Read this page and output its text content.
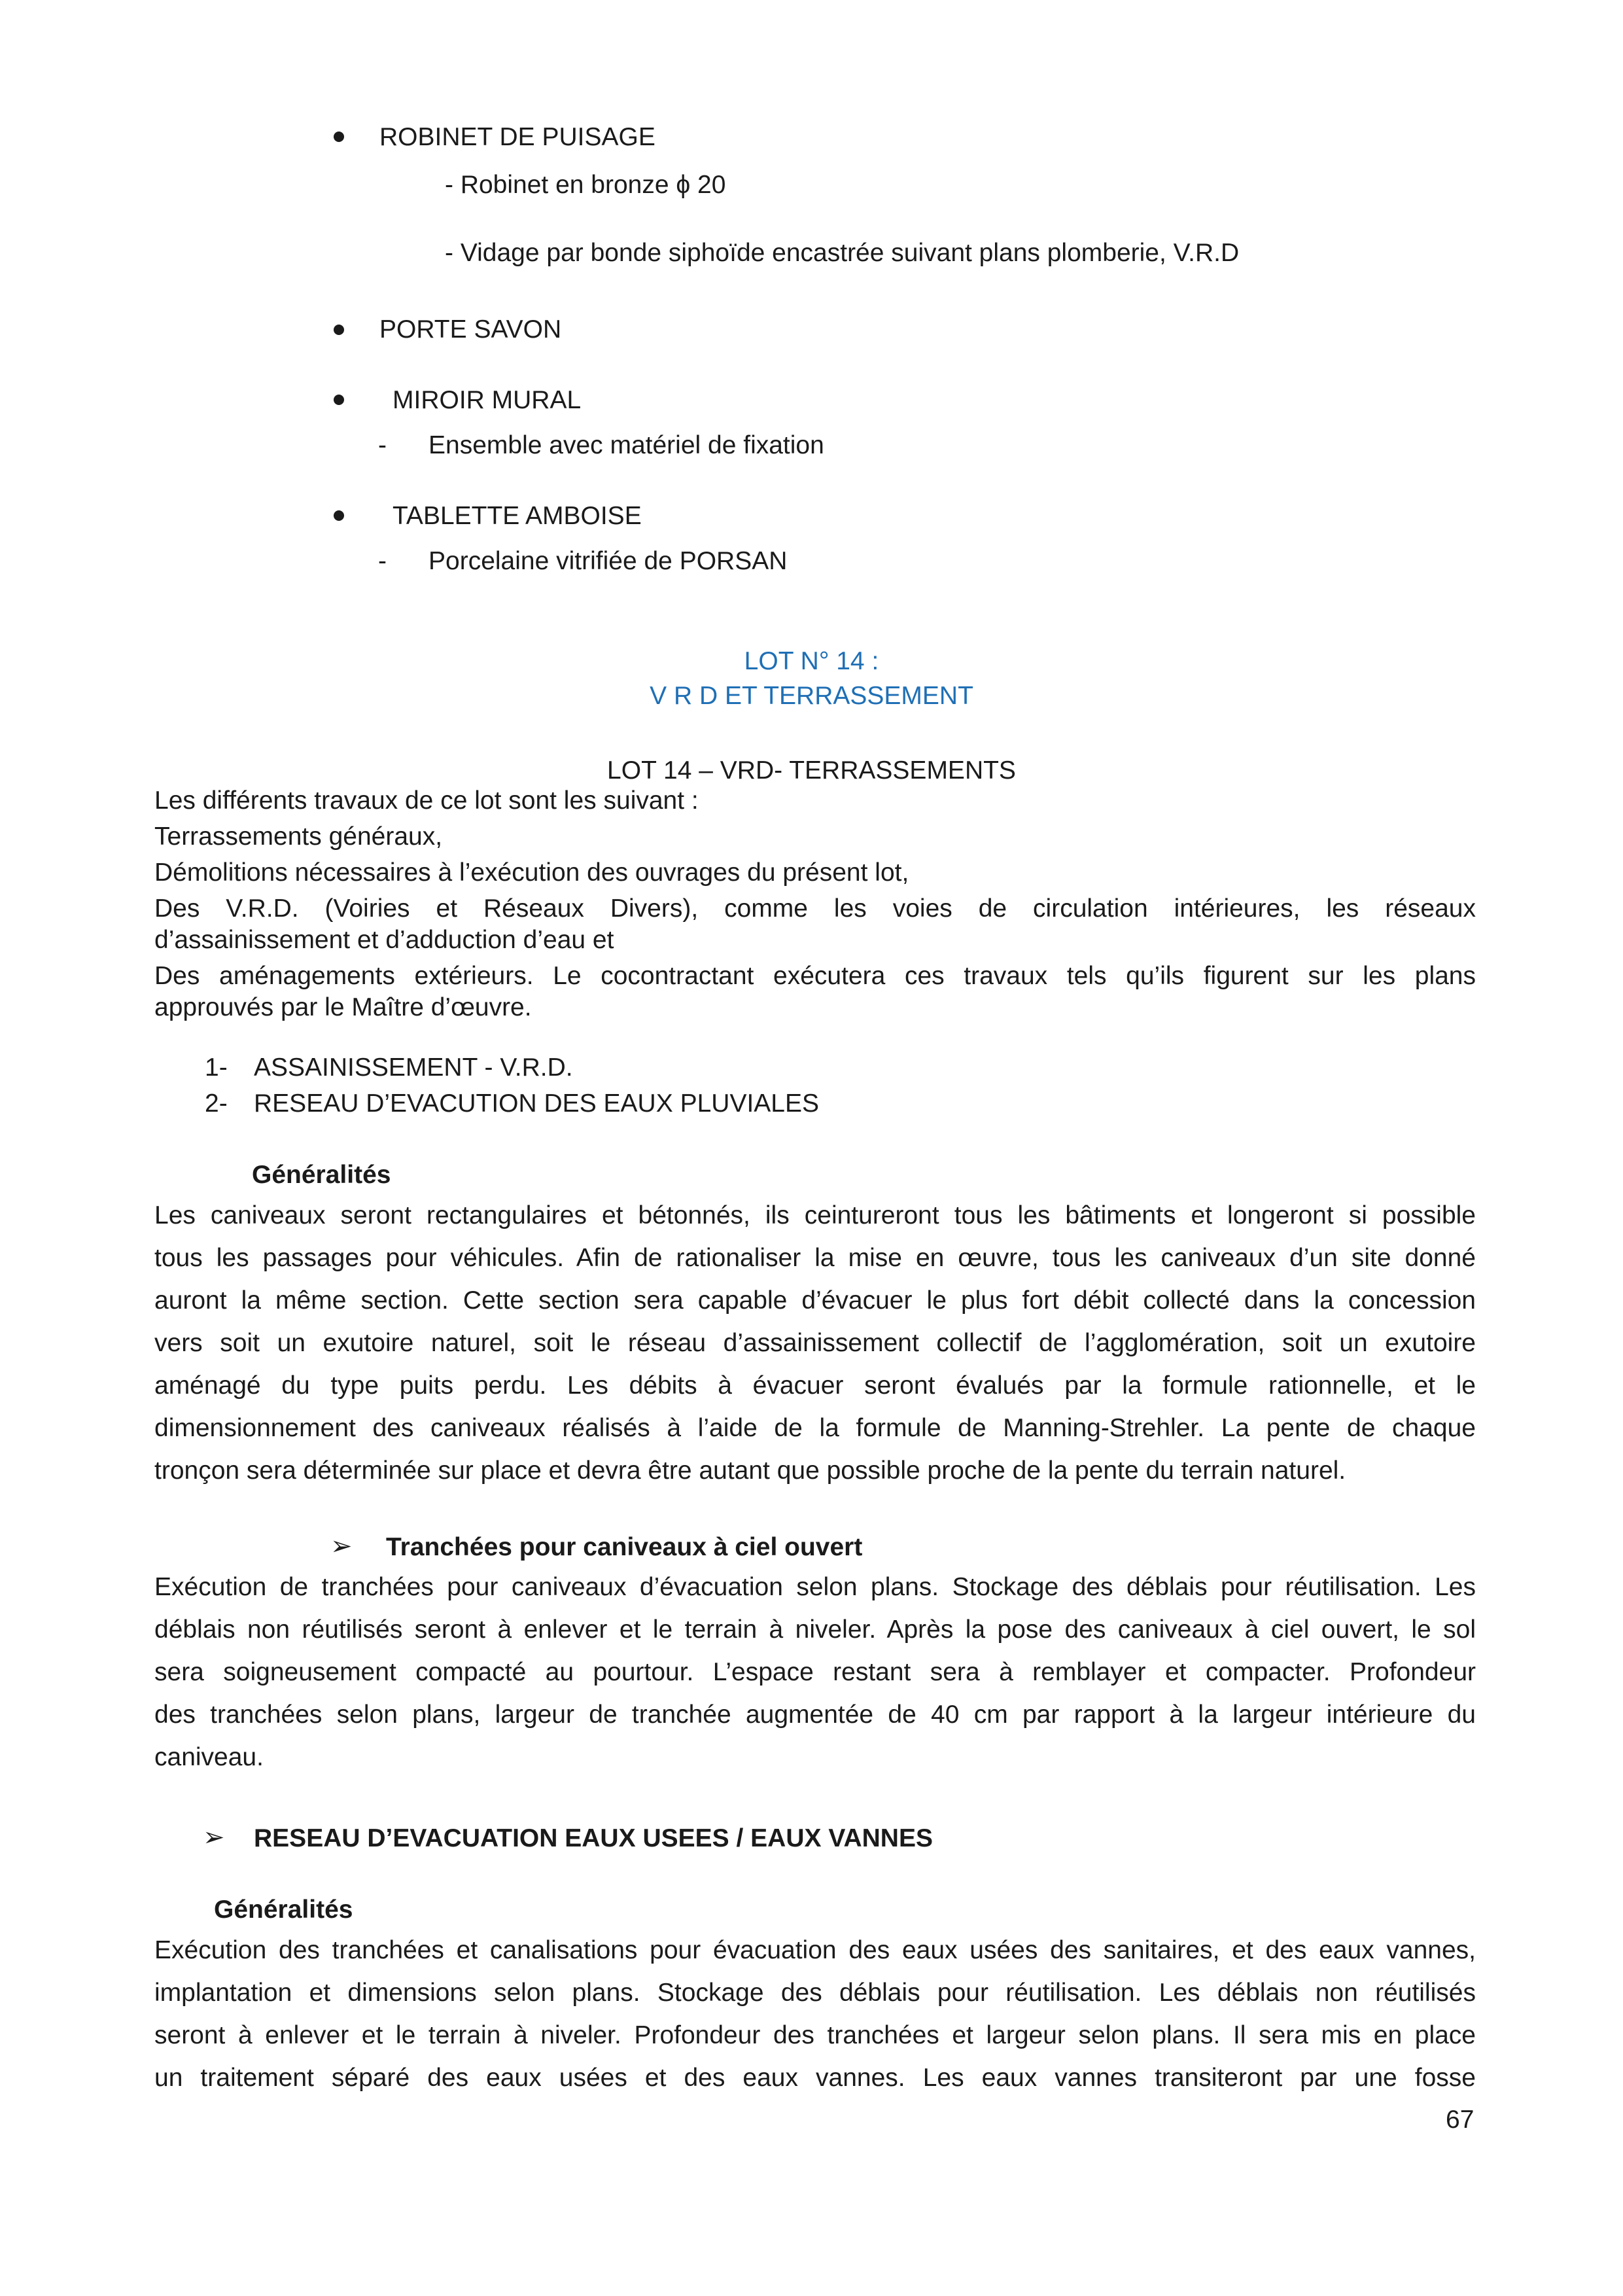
ROBINET DE PUISAGE
- Robinet en bronze ϕ 20
- Vidage par bonde siphoïde encastrée suivant plans plomberie, V.R.D
PORTE SAVON
MIROIR MURAL
- Ensemble avec matériel de fixation
TABLETTE AMBOISE
- Porcelaine vitrifiée de PORSAN
LOT N° 14 :
V R D ET TERRASSEMENT
LOT 14 – VRD- TERRASSEMENTS
Les différents travaux de ce lot sont les suivant :
Terrassements généraux,
Démolitions nécessaires à l’exécution des ouvrages du présent lot,
Des V.R.D. (Voiries et Réseaux Divers), comme les voies de circulation intérieures, les réseaux
d’assainissement et d’adduction d’eau et
Des aménagements extérieurs. Le cocontractant exécutera ces travaux tels qu’ils figurent sur les plans
approuvés par le Maître d’œuvre.
1- ASSAINISSEMENT - V.R.D.
2- RESEAU D’EVACUTION DES EAUX PLUVIALES
Généralités
Les caniveaux seront rectangulaires et bétonnés, ils ceintureront tous les bâtiments et longeront si possible
tous les passages pour véhicules. Afin de rationaliser la mise en œuvre, tous les caniveaux d’un site donné
auront la même section. Cette section sera capable d’évacuer le plus fort débit collecté dans la concession
vers soit un exutoire naturel, soit le réseau d’assainissement collectif de l’agglomération, soit un exutoire
aménagé du type puits perdu. Les débits à évacuer seront évalués par la formule rationnelle, et le
dimensionnement des caniveaux réalisés à l’aide de la formule de Manning-Strehler. La pente de chaque
tronçon sera déterminée sur place et devra être autant que possible proche de la pente du terrain naturel.
➢ Tranchées pour caniveaux à ciel ouvert
Exécution de tranchées pour caniveaux d’évacuation selon plans. Stockage des déblais pour réutilisation. Les
déblais non réutilisés seront à enlever et le terrain à niveler. Après la pose des caniveaux à ciel ouvert, le sol
sera soigneusement compacté au pourtour. L’espace restant sera à remblayer et compacter. Profondeur
des tranchées selon plans, largeur de tranchée augmentée de 40 cm par rapport à la largeur intérieure du
caniveau.
➢ RESEAU D’EVACUATION EAUX USEES / EAUX VANNES
Généralités
Exécution des tranchées et canalisations pour évacuation des eaux usées des sanitaires, et des eaux vannes,
implantation et dimensions selon plans. Stockage des déblais pour réutilisation. Les déblais non réutilisés
seront à enlever et le terrain à niveler. Profondeur des tranchées et largeur selon plans. Il sera mis en place
un traitement séparé des eaux usées et des eaux vannes. Les eaux vannes transiteront par une fosse
67
